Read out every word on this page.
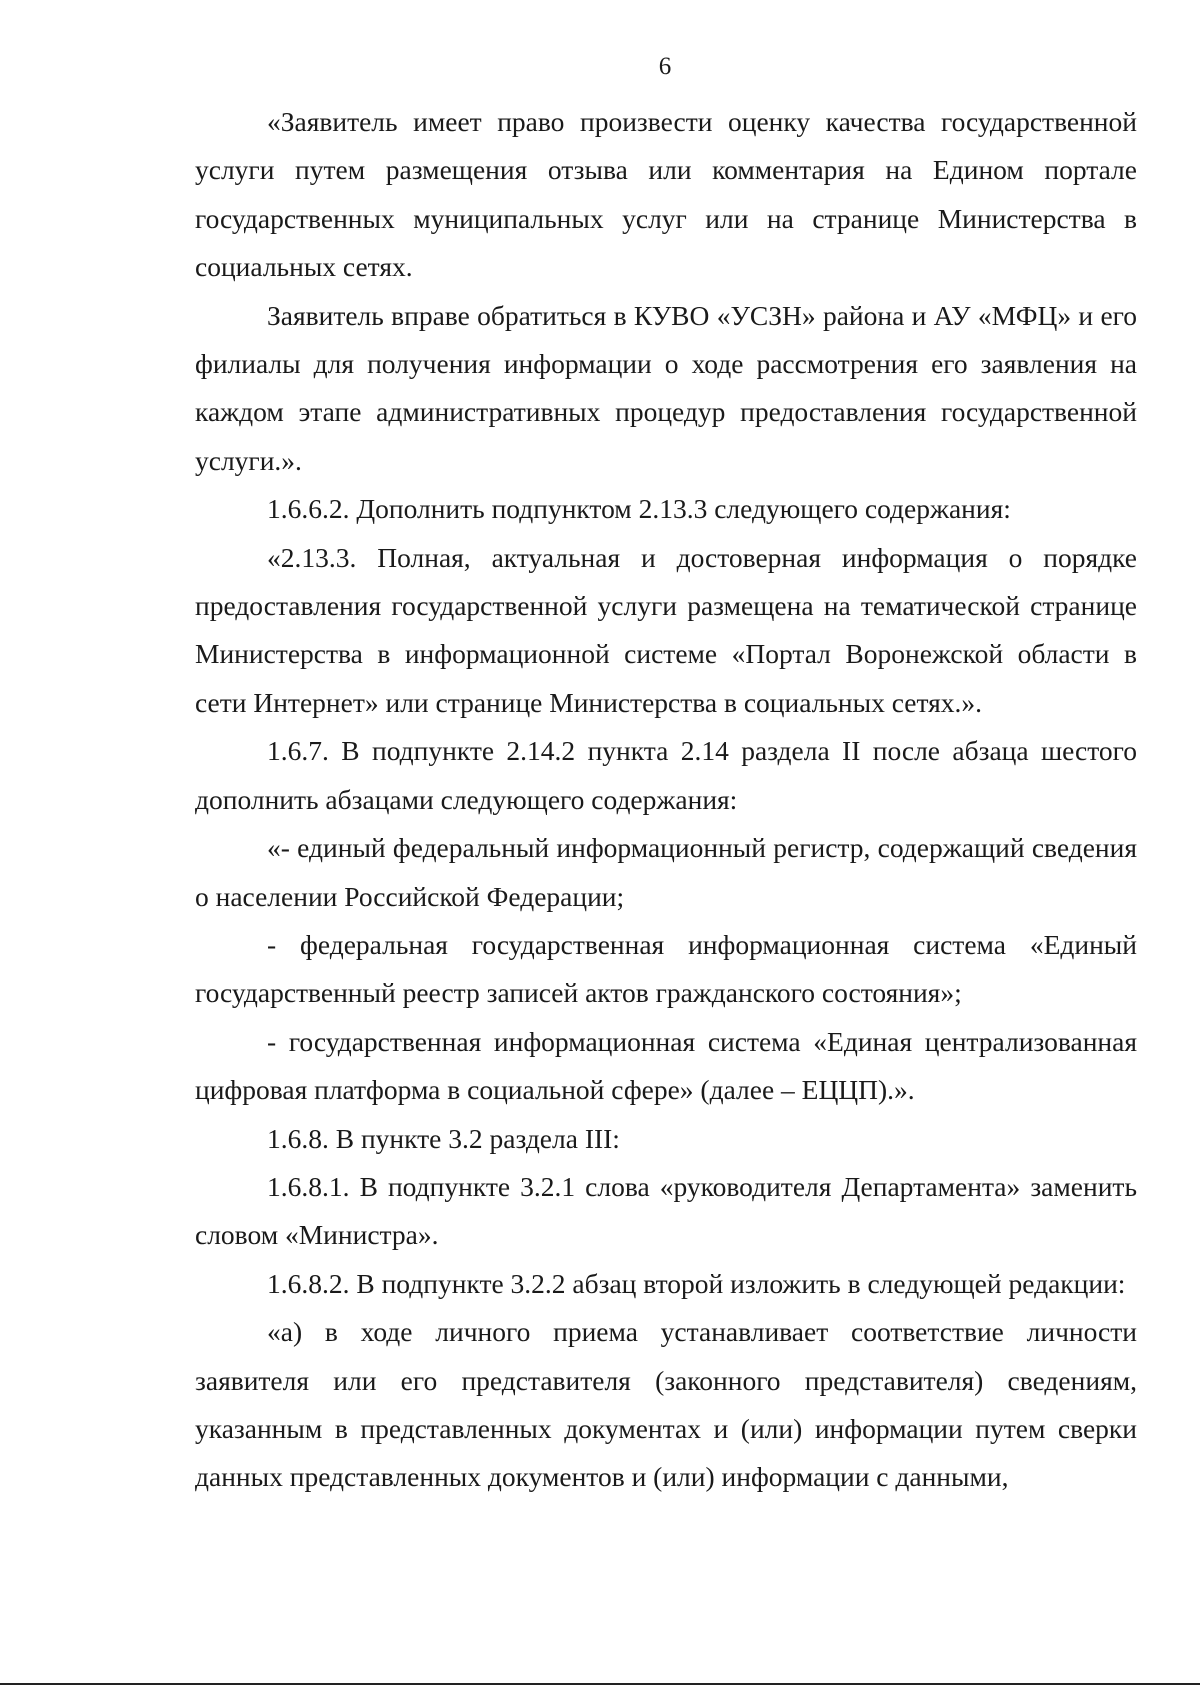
6

«Заявитель имеет право произвести оценку качества государственной услуги путем размещения отзыва или комментария на Едином портале государственных муниципальных услуг или на странице Министерства в социальных сетях.

Заявитель вправе обратиться в КУВО «УСЗН» района и АУ «МФЦ» и его филиалы для получения информации о ходе рассмотрения его заявления на каждом этапе административных процедур предоставления государственной услуги.».

1.6.6.2. Дополнить подпунктом 2.13.3 следующего содержания:

«2.13.3. Полная, актуальная и достоверная информация о порядке предоставления государственной услуги размещена на тематической странице Министерства в информационной системе «Портал Воронежской области в сети Интернет» или странице Министерства в социальных сетях.».

1.6.7. В подпункте 2.14.2 пункта 2.14 раздела II после абзаца шестого дополнить абзацами следующего содержания:

«- единый федеральный информационный регистр, содержащий сведения о населении Российской Федерации;

- федеральная государственная информационная система «Единый государственный реестр записей актов гражданского состояния»;

- государственная информационная система «Единая централизованная цифровая платформа в социальной сфере» (далее – ЕЦЦП).».

1.6.8. В пункте 3.2 раздела III:

1.6.8.1. В подпункте 3.2.1 слова «руководителя Департамента» заменить словом «Министра».

1.6.8.2. В подпункте 3.2.2 абзац второй изложить в следующей редакции:

«а) в ходе личного приема устанавливает соответствие личности заявителя или его представителя (законного представителя) сведениям, указанным в представленных документах и (или) информации путем сверки данных представленных документов и (или) информации с данными,
